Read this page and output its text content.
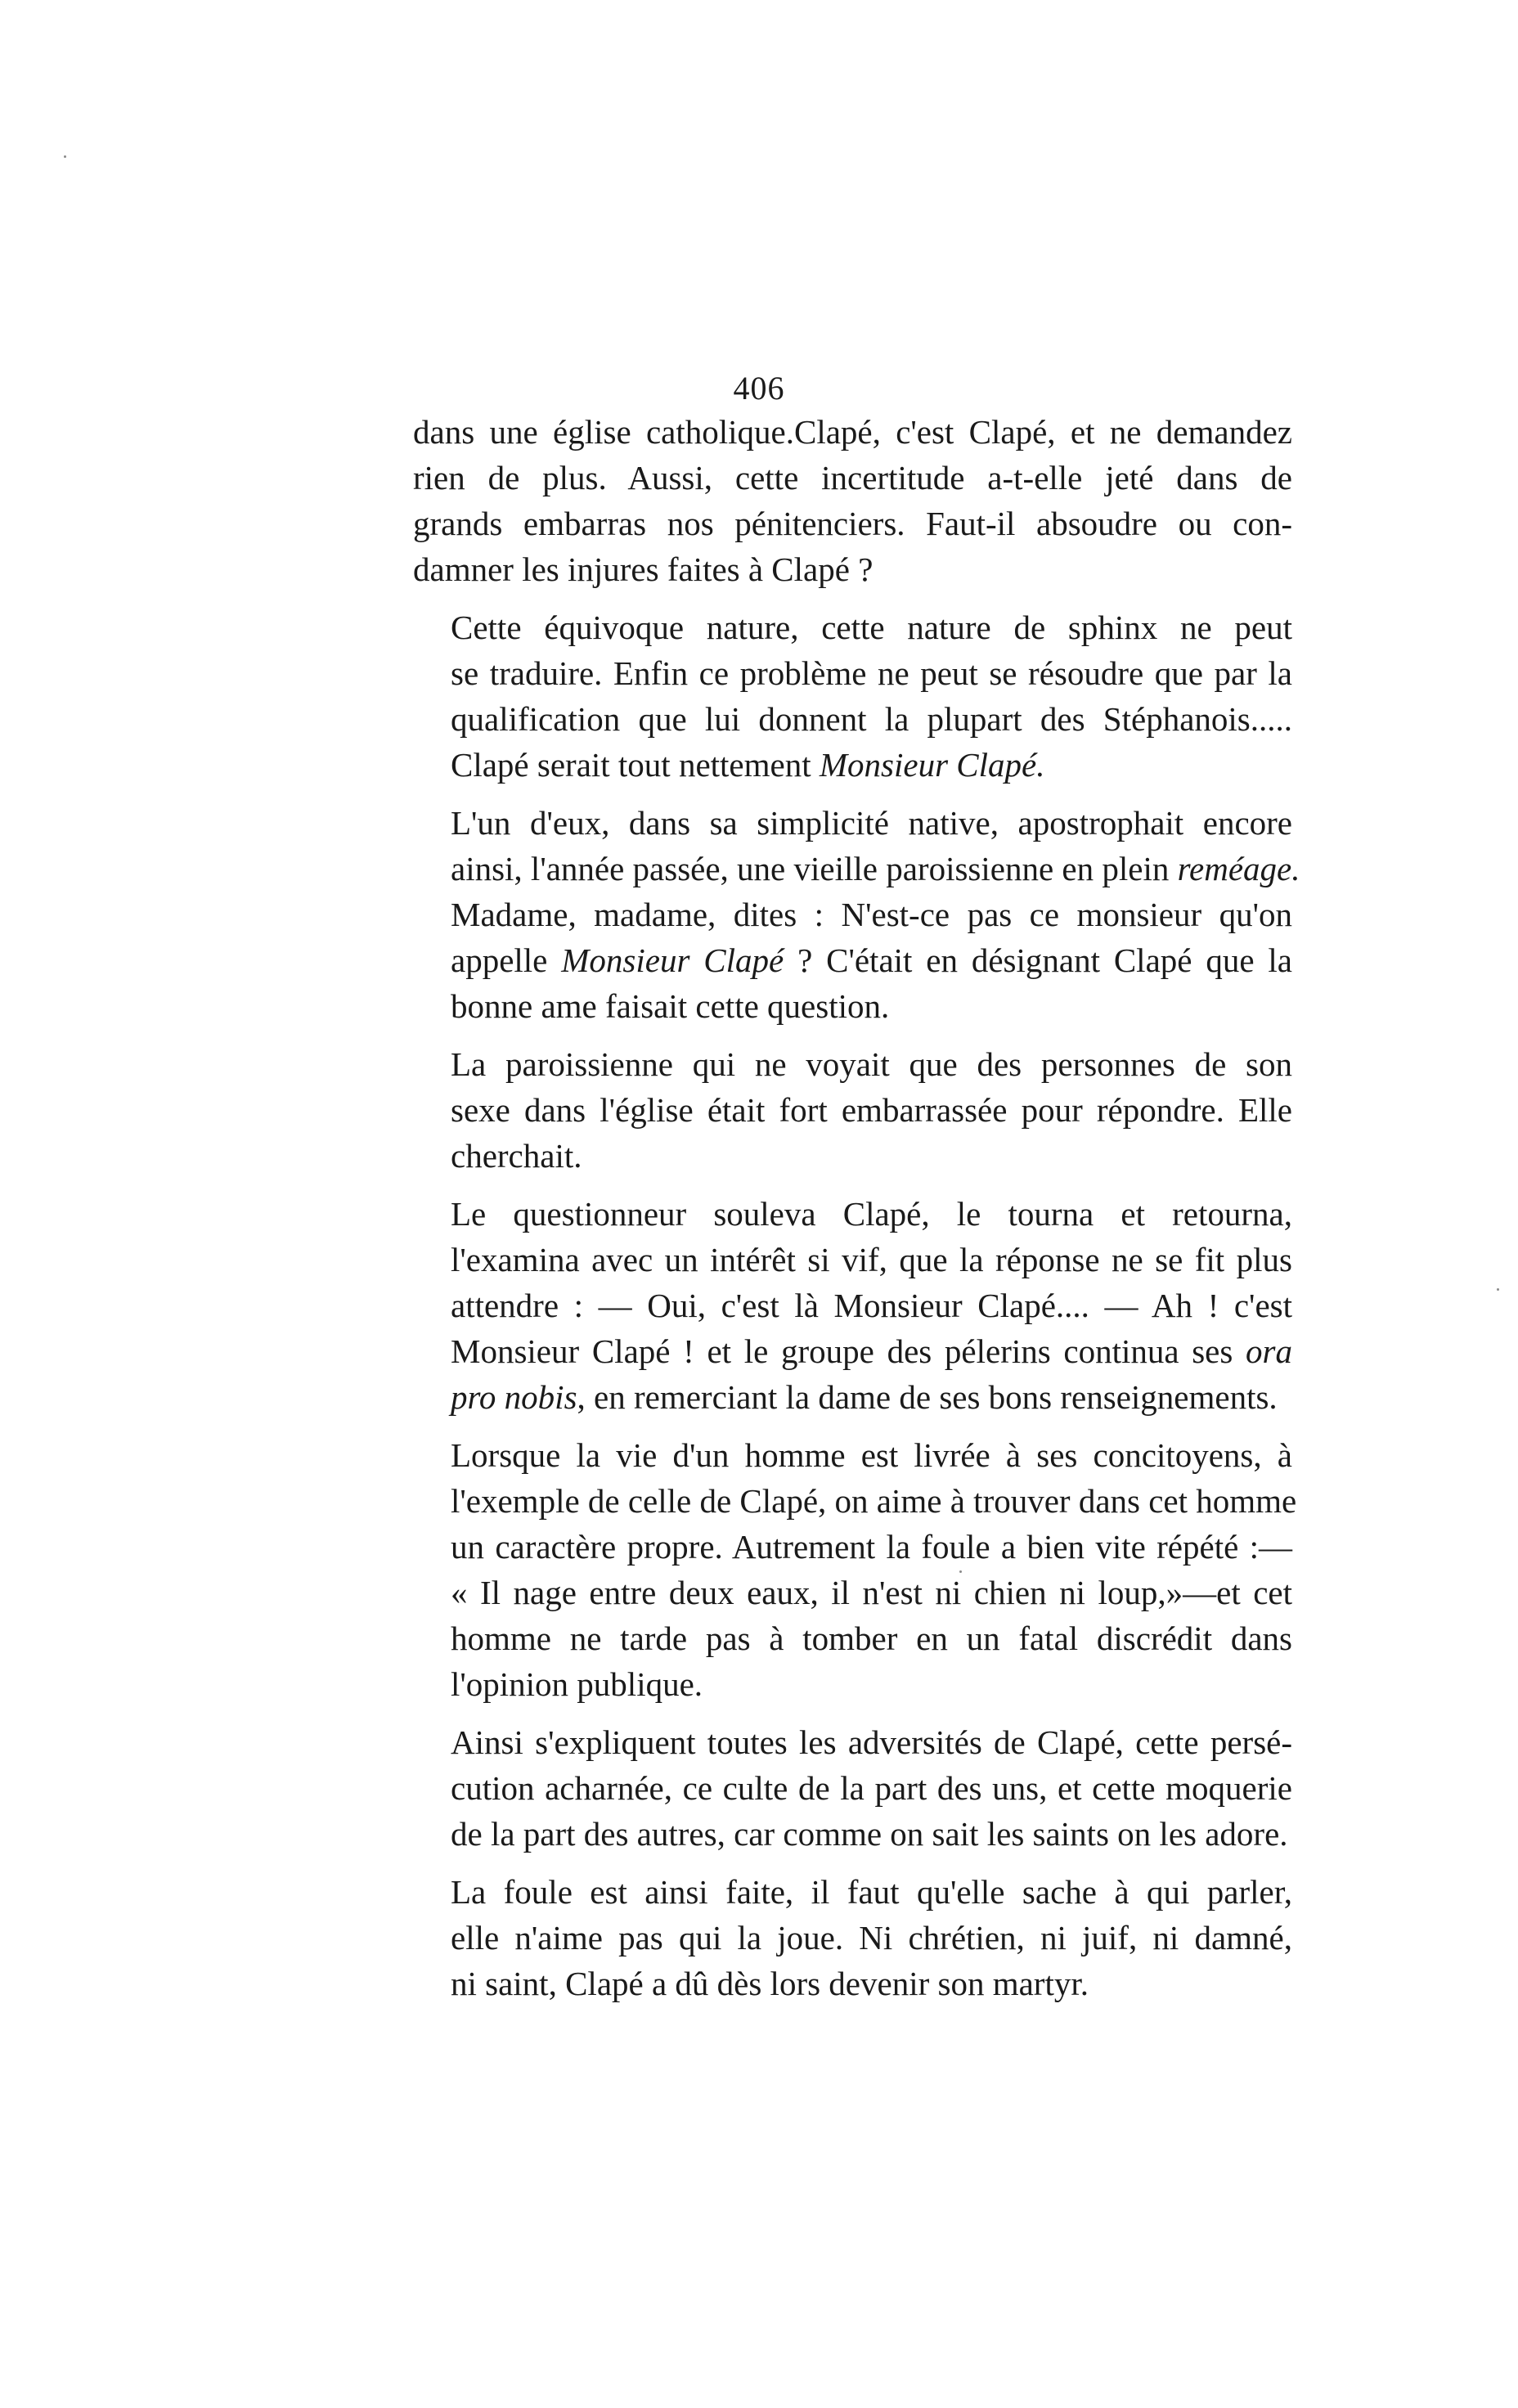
406
dans une église catholique.Clapé, c'est Clapé, et ne demandez
rien de plus. Aussi, cette incertitude a-t-elle jeté dans de
grands embarras nos pénitenciers. Faut-il absoudre ou con-
damner les injures faites à Clapé ?
Cette équivoque nature, cette nature de sphinx ne peut
se traduire. Enfin ce problème ne peut se résoudre que par la
qualification que lui donnent la plupart des Stéphanois.....
Clapé serait tout nettement Monsieur Clapé.
L'un d'eux, dans sa simplicité native, apostrophait encore
ainsi, l'année passée, une vieille paroissienne en plein reméage.
Madame, madame, dites : N'est-ce pas ce monsieur qu'on
appelle Monsieur Clapé ? C'était en désignant Clapé que la
bonne ame faisait cette question.
La paroissienne qui ne voyait que des personnes de son
sexe dans l'église était fort embarrassée pour répondre. Elle
cherchait.
Le questionneur souleva Clapé, le tourna et retourna,
l'examina avec un intérêt si vif, que la réponse ne se fit plus
attendre : — Oui, c'est là Monsieur Clapé.... — Ah ! c'est
Monsieur Clapé ! et le groupe des pélerins continua ses ora
pro nobis, en remerciant la dame de ses bons renseignements.
Lorsque la vie d'un homme est livrée à ses concitoyens, à
l'exemple de celle de Clapé, on aime à trouver dans cet homme
un caractère propre. Autrement la foule a bien vite répété :—
« Il nage entre deux eaux, il n'est ni chien ni loup,»—et cet
homme ne tarde pas à tomber en un fatal discrédit dans
l'opinion publique.
Ainsi s'expliquent toutes les adversités de Clapé, cette persé-
cution acharnée, ce culte de la part des uns, et cette moquerie
de la part des autres, car comme on sait les saints on les adore.
La foule est ainsi faite, il faut qu'elle sache à qui parler,
elle n'aime pas qui la joue. Ni chrétien, ni juif, ni damné,
ni saint, Clapé a dû dès lors devenir son martyr.
